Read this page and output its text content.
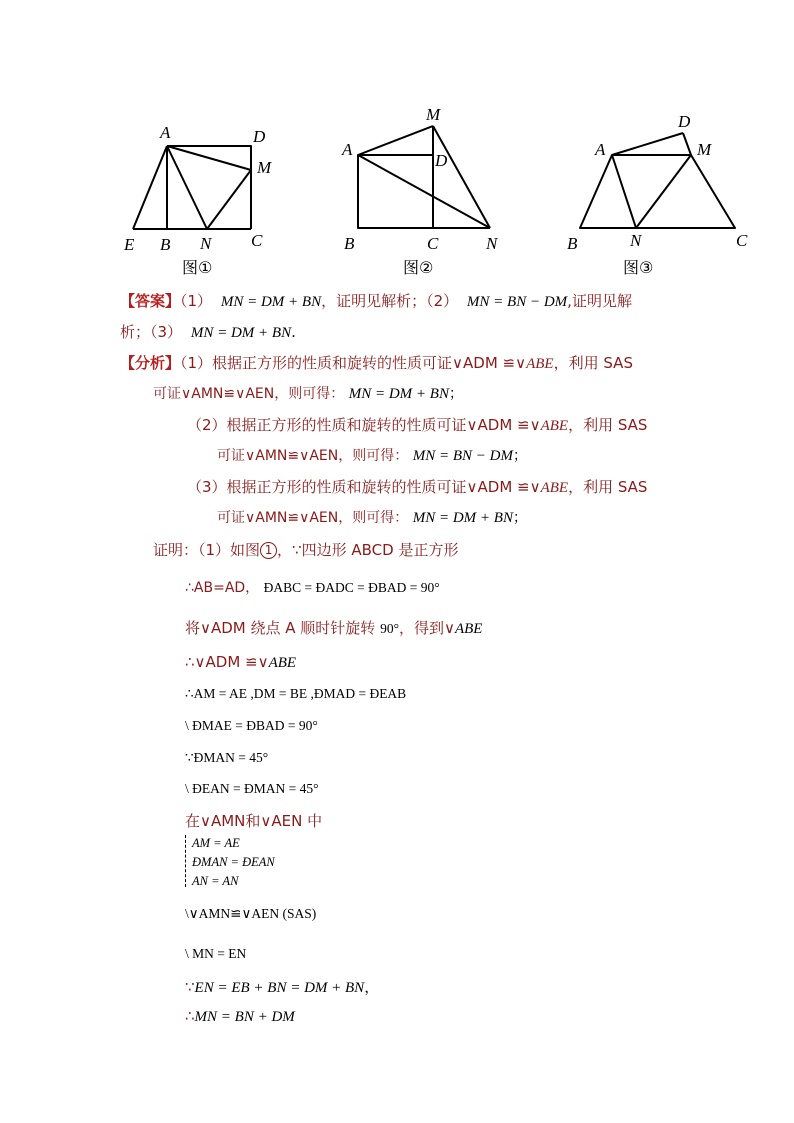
A	D
M
E B N C
图①
M
A
D
B	C	N
图②
D
A	M
B	N	C
图③
【答案】（1） MN = DM + BN，证明见解析；（2） MN = BN − DM,证明见解
析；（3） MN = DM + BN.
【分析】（1）根据正方形的性质和旋转的性质可证∨ADM ≌∨ABE，利用 SAS
可证∨AMN≌∨AEN，则可得： MN = DM + BN；
（2）根据正方形的性质和旋转的性质可证∨ADM ≌∨ABE，利用 SAS
可证∨AMN≌∨AEN，则可得： MN = BN − DM；
（3）根据正方形的性质和旋转的性质可证∨ADM ≌∨ABE，利用 SAS
可证∨AMN≌∨AEN，则可得： MN = DM + BN；
证明：（1）如图 1 ，∵四边形 ABCD 是正方形
∴AB=AD， ÐABC = ÐADC = ÐBAD = 90°
将∨ADM 绕点 A 顺时针旋转 90°，得到∨ABE
∴∨ADM ≌∨ABE
∴AM = AE ,DM = BE ,ÐMAD = ÐEAB
\ ÐMAE = ÐBAD = 90°
∵ÐMAN = 45°
\ ÐEAN = ÐMAN = 45°
在∨AMN和∨AEN 中
AM = AE
ÐMAN = ÐEAN
AN = AN
\∨AMN≌∨AEN (SAS)
\ MN = EN
∵EN = EB + BN = DM + BN，
∴MN = BN + DM
